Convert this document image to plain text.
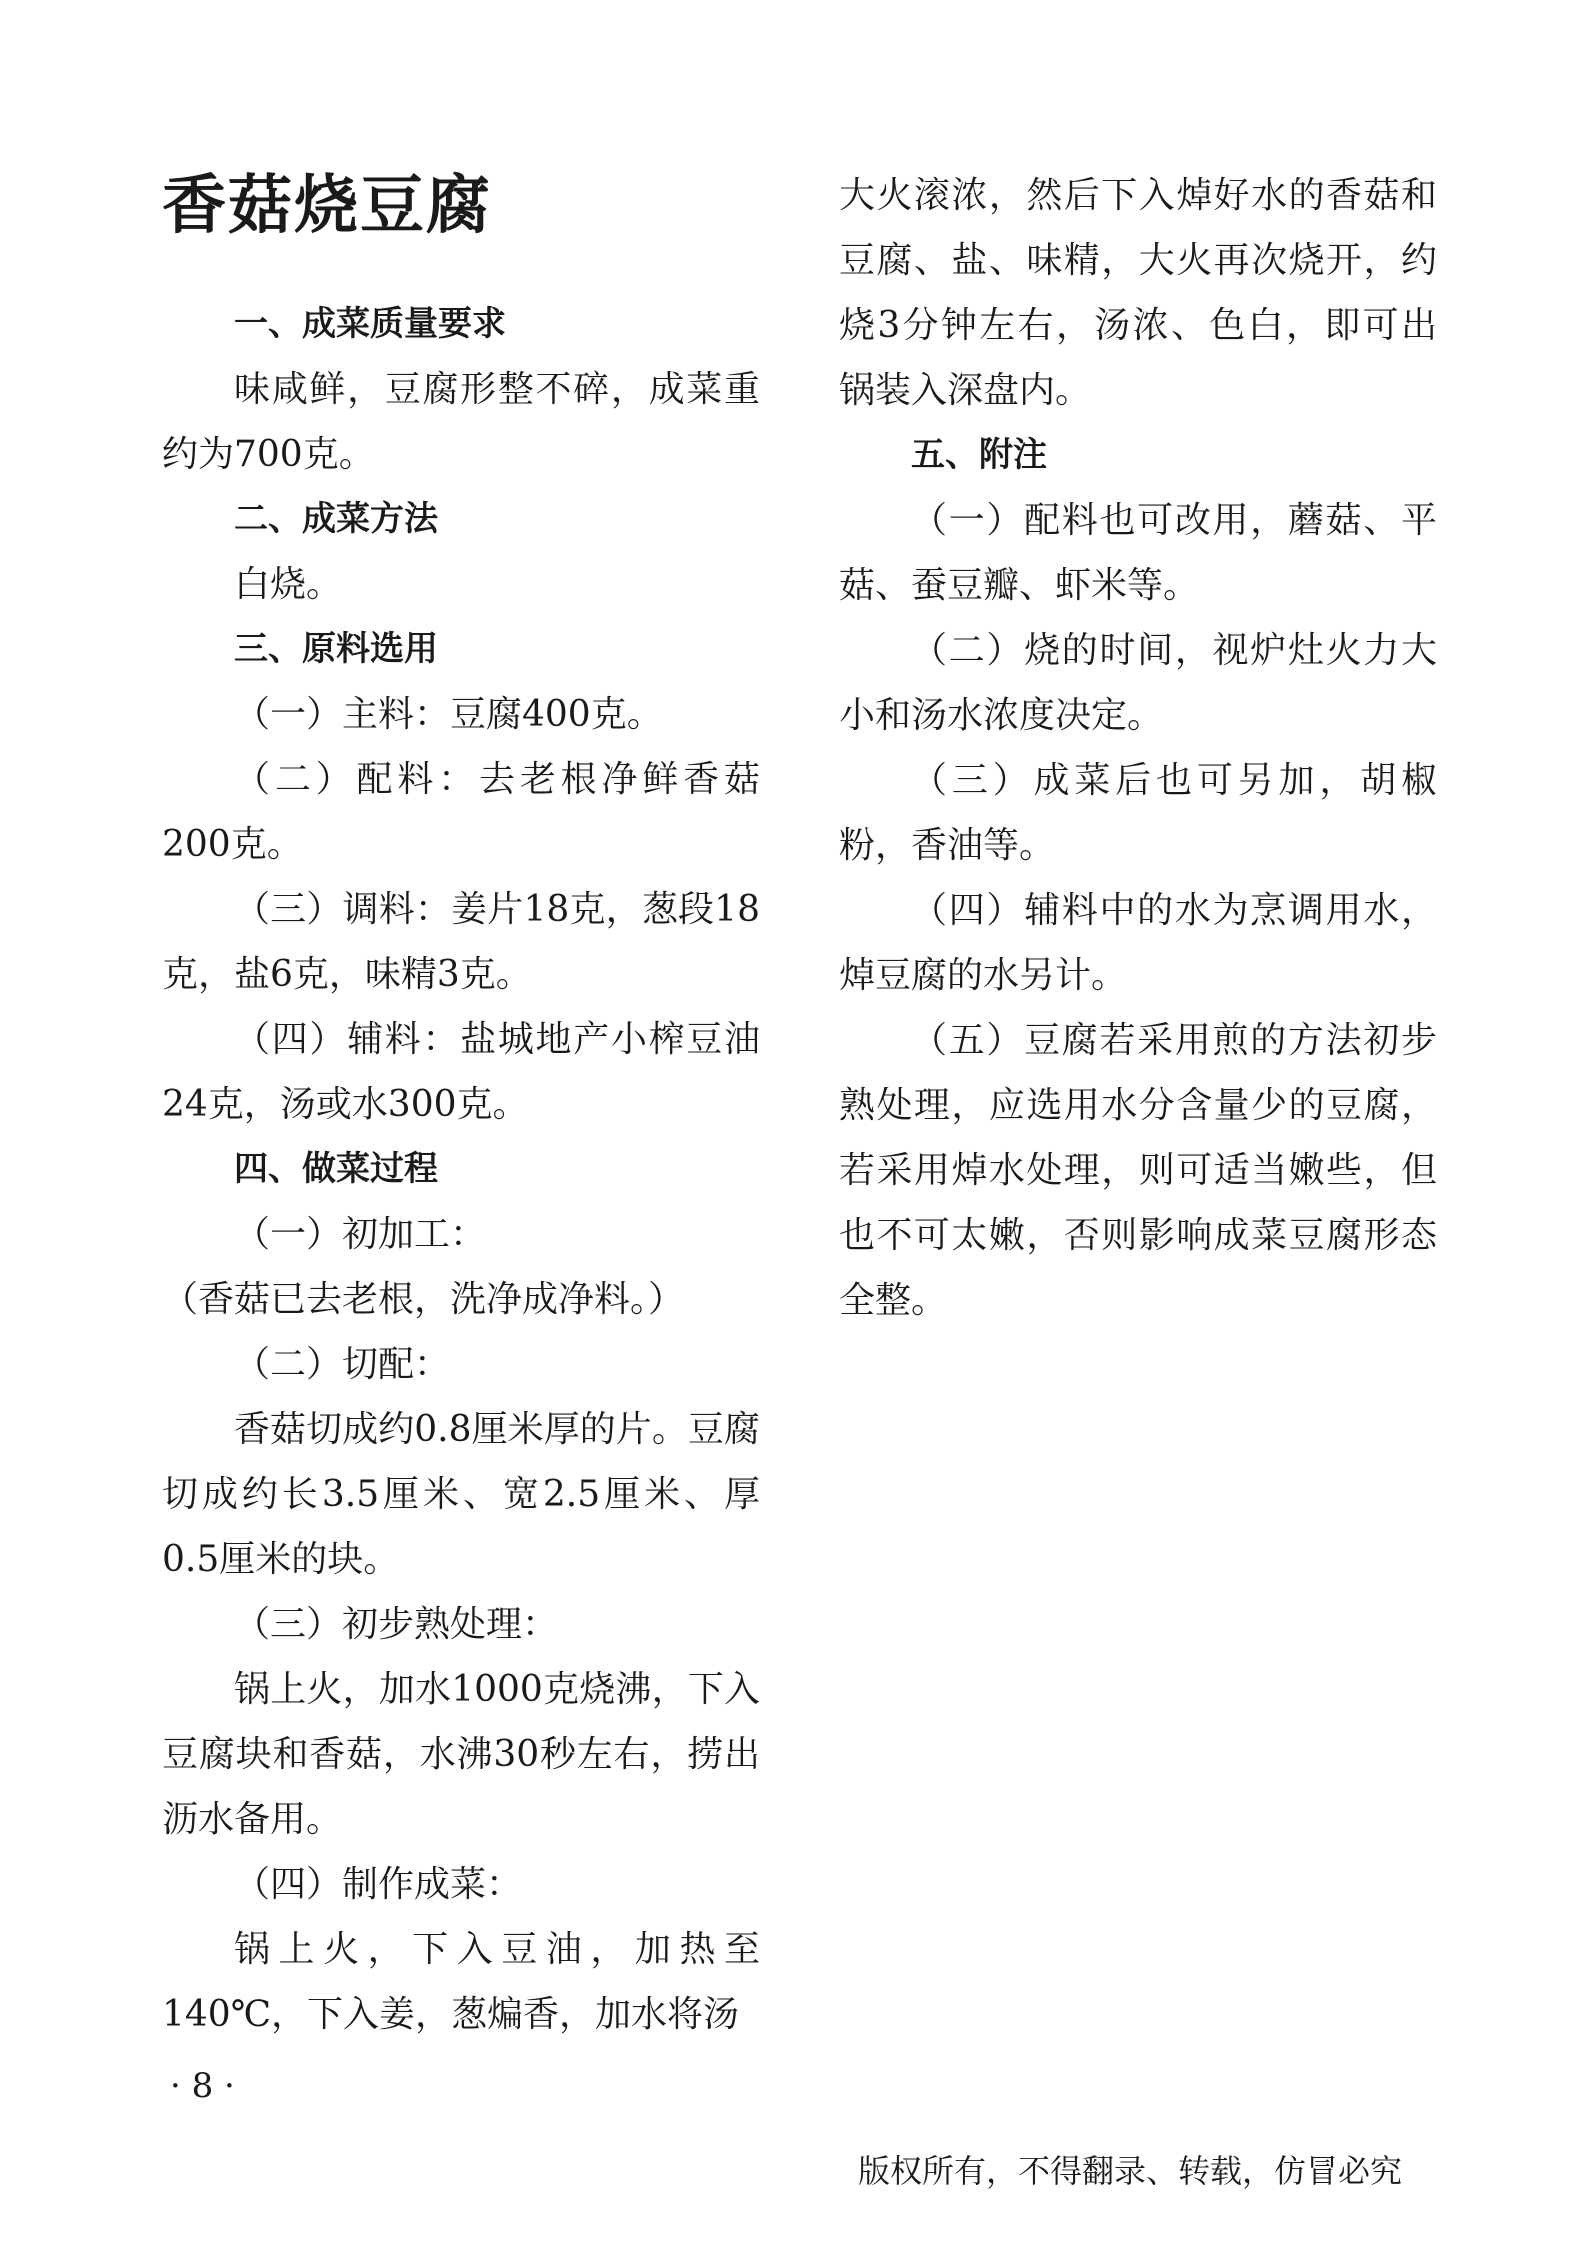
香菇烧豆腐

一、成菜质量要求

味咸鲜，豆腐形整不碎，成菜重约为700克。

二、成菜方法

白烧。

三、原料选用

（一）主料：豆腐400克。

（二）配料：去老根净鲜香菇200克。

（三）调料：姜片18克，葱段18克，盐6克，味精3克。

（四）辅料：盐城地产小榨豆油24克，汤或水300克。

四、做菜过程

（一）初加工：

（香菇已去老根，洗净成净料。）

（二）切配：

香菇切成约0.8厘米厚的片。豆腐切成约长3.5厘米、宽2.5厘米、厚0.5厘米的块。

（三）初步熟处理：

锅上火，加水1000克烧沸，下入豆腐块和香菇，水沸30秒左右，捞出沥水备用。

（四）制作成菜：

锅上火，下入豆油，加热至140℃，下入姜，葱煸香，加水将汤

大火滚浓，然后下入焯好水的香菇和豆腐、盐、味精，大火再次烧开，约烧3分钟左右，汤浓、色白，即可出锅装入深盘内。

五、附注

（一）配料也可改用，蘑菇、平菇、蚕豆瓣、虾米等。

（二）烧的时间，视炉灶火力大小和汤水浓度决定。

（三）成菜后也可另加，胡椒粉，香油等。

（四）辅料中的水为烹调用水，焯豆腐的水另计。

（五）豆腐若采用煎的方法初步熟处理，应选用水分含量少的豆腐，若采用焯水处理，则可适当嫩些，但也不可太嫩，否则影响成菜豆腐形态全整。

· 8 ·
版权所有，不得翻录、转载，仿冒必究
